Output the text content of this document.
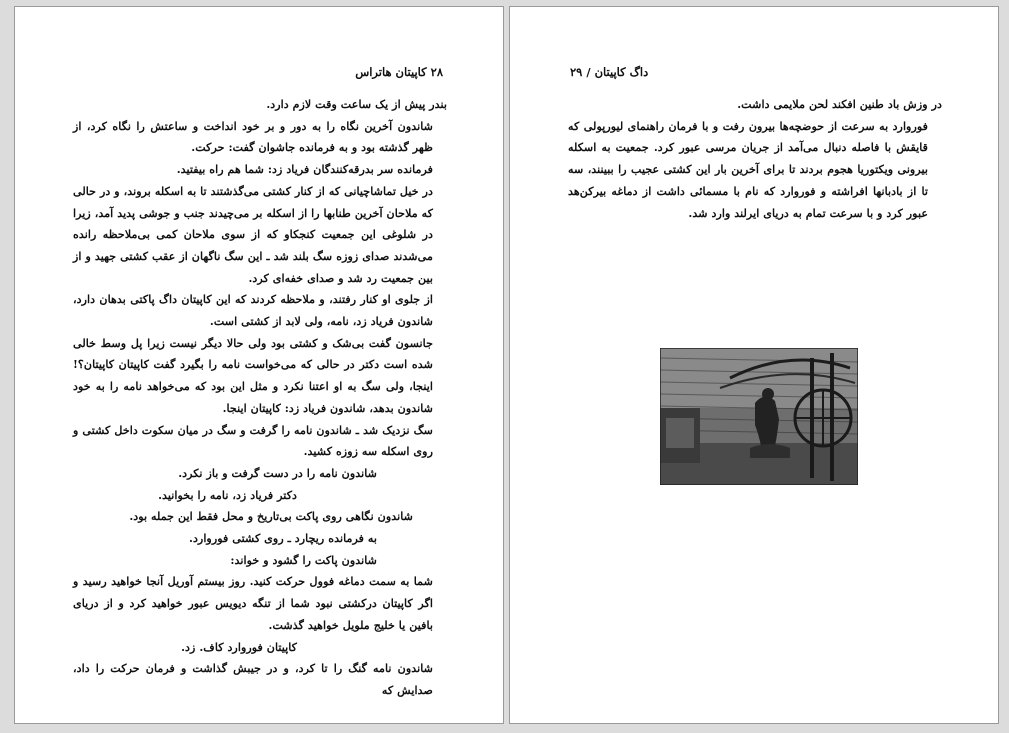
۲۸ کاپیتان هاتراس

بندر پیش از یک ساعت وقت لازم دارد.

شاندون آخرین نگاه را به دور و بر خود انداخت و ساعتش را نگاه کرد، از ظهر گذشته بود و به فرمانده جاشوان گفت: حرکت.

فرمانده سر بدرقه‌کنندگان فریاد زد: شما هم راه بیفتید.

در خیل تماشاچیانی که از کنار کشتی می‌گذشتند تا به اسکله بروند، و در حالی که ملاحان آخرین طنابها را از اسکله بر می‌چیدند جنب و جوشی پدید آمد، زیرا در شلوغی این جمعیت کنجکاو که از سوی ملاحان کمی بی‌ملاحظه رانده می‌شدند صدای زوزه سگ بلند شد ـ این سگ ناگهان از عقب کشتی جهید و از بین جمعیت رد شد و صدای خفه‌ای کرد.

از جلوی او کنار رفتند، و ملاحظه کردند که این کاپیتان داگ پاکتی بدهان دارد، شاندون فریاد زد، نامه، ولی لابد از کشتی است.

جانسون گفت بی‌شک و کشتی بود ولی حالا دیگر نیست زیرا پل وسط خالی شده است دکتر در حالی که می‌خواست نامه را بگیرد گفت کاپیتان کاپیتان؟! اینجا، ولی سگ به او اعتنا نکرد و مثل این بود که می‌خواهد نامه را به خود شاندون بدهد، شاندون فریاد زد: کاپیتان اینجا.

سگ نزدیک شد ـ شاندون نامه را گرفت و سگ در میان سکوت داخل کشتی و روی اسکله سه زوزه کشید.

شاندون نامه را در دست گرفت و باز نکرد.

دکتر فریاد زد، نامه را بخوانید.

شاندون نگاهی روی پاکت بی‌تاریخ و محل فقط این جمله بود.

به فرمانده ریچارد ـ روی کشتی فوروارد.

شاندون پاکت را گشود و خواند:

شما به سمت دماغه فوول حرکت کنید. روز بیستم آوریل آنجا خواهید رسید و اگر کاپیتان درکشتی نبود شما از تنگه دیویس عبور خواهید کرد و از دریای بافین یا خلیج ملویل خواهید گذشت.

کاپیتان فوروارد کاف. زد.

شاندون نامه گنگ را تا کرد، و در جیبش گذاشت و فرمان حرکت را داد، صدایش که

داگ کاپیتان / ۲۹

در وزش باد طنین افکند لحن ملایمی داشت.

فوروارد به سرعت از حوضچه‌ها بیرون رفت و با فرمان راهنمای لیورپولی که قایقش با فاصله دنبال می‌آمد از جریان مرسی عبور کرد. جمعیت به اسکله بیرونی ویکتوریا هجوم بردند تا برای آخرین بار این کشتی عجیب را ببینند، سه تا از بادبانها افراشته و فوروارد که نام با مسمائی داشت از دماغه بیرکن‌هد عبور کرد و با سرعت تمام به دریای ایرلند وارد شد.
